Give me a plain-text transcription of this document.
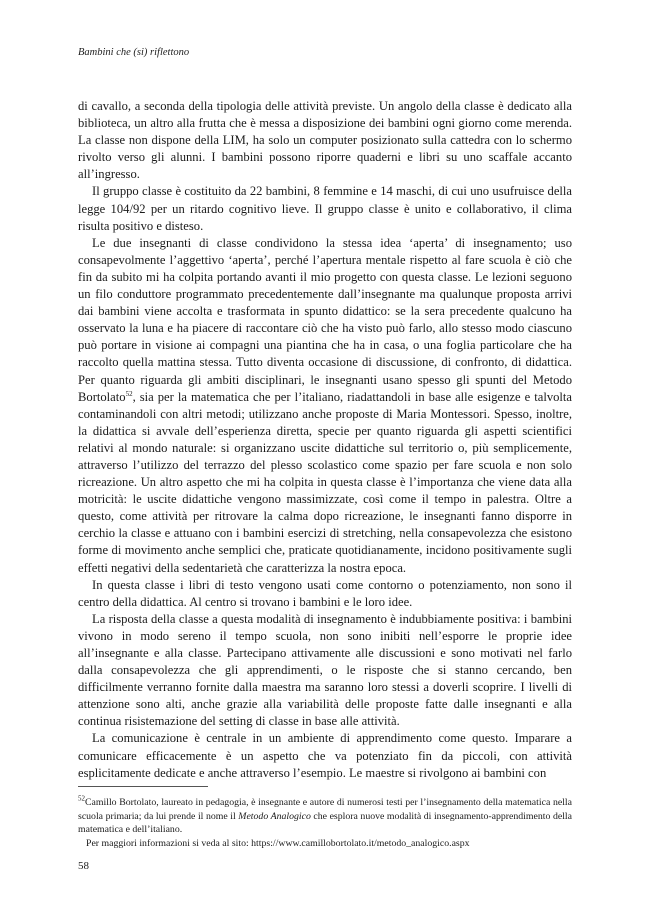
Bambini che (si) riflettono

di cavallo, a seconda della tipologia delle attività previste. Un angolo della classe è dedicato alla biblioteca, un altro alla frutta che è messa a disposizione dei bambini ogni giorno come merenda. La classe non dispone della LIM, ha solo un computer posizionato sulla cattedra con lo schermo rivolto verso gli alunni. I bambini possono riporre quaderni e libri su uno scaffale accanto all’ingresso.

Il gruppo classe è costituito da 22 bambini, 8 femmine e 14 maschi, di cui uno usufruisce della legge 104/92 per un ritardo cognitivo lieve. Il gruppo classe è unito e collaborativo, il clima risulta positivo e disteso.

Le due insegnanti di classe condividono la stessa idea ‘aperta’ di insegnamento; uso consapevolmente l’aggettivo ‘aperta’, perché l’apertura mentale rispetto al fare scuola è ciò che fin da subito mi ha colpita portando avanti il mio progetto con questa classe. Le lezioni seguono un filo conduttore programmato precedentemente dall’insegnante ma qualunque proposta arrivi dai bambini viene accolta e trasformata in spunto didattico: se la sera precedente qualcuno ha osservato la luna e ha piacere di raccontare ciò che ha visto può farlo, allo stesso modo ciascuno può portare in visione ai compagni una piantina che ha in casa, o una foglia particolare che ha raccolto quella mattina stessa. Tutto diventa occasione di discussione, di confronto, di didattica. Per quanto riguarda gli ambiti disciplinari, le insegnanti usano spesso gli spunti del Metodo Bortolato$^{52}$, sia per la matematica che per l’italiano, riadattandoli in base alle esigenze e talvolta contaminandoli con altri metodi; utilizzano anche proposte di Maria Montessori. Spesso, inoltre, la didattica si avvale dell’esperienza diretta, specie per quanto riguarda gli aspetti scientifici relativi al mondo naturale: si organizzano uscite didattiche sul territorio o, più semplicemente, attraverso l’utilizzo del terrazzo del plesso scolastico come spazio per fare scuola e non solo ricreazione. Un altro aspetto che mi ha colpita in questa classe è l’importanza che viene data alla motricità: le uscite didattiche vengono massimizzate, così come il tempo in palestra. Oltre a questo, come attività per ritrovare la calma dopo ricreazione, le insegnanti fanno disporre in cerchio la classe e attuano con i bambini esercizi di stretching, nella consapevolezza che esistono forme di movimento anche semplici che, praticate quotidianamente, incidono positivamente sugli effetti negativi della sedentarietà che caratterizza la nostra epoca.

In questa classe i libri di testo vengono usati come contorno o potenziamento, non sono il centro della didattica. Al centro si trovano i bambini e le loro idee.

La risposta della classe a questa modalità di insegnamento è indubbiamente positiva: i bambini vivono in modo sereno il tempo scuola, non sono inibiti nell’esporre le proprie idee all’insegnante e alla classe. Partecipano attivamente alle discussioni e sono motivati nel farlo dalla consapevolezza che gli apprendimenti, o le risposte che si stanno cercando, ben difficilmente verranno fornite dalla maestra ma saranno loro stessi a doverli scoprire. I livelli di attenzione sono alti, anche grazie alla variabilità delle proposte fatte dalle insegnanti e alla continua risistemazione del setting di classe in base alle attività.

La comunicazione è centrale in un ambiente di apprendimento come questo. Imparare a comunicare efficacemente è un aspetto che va potenziato fin da piccoli, con attività esplicitamente dedicate e anche attraverso l’esempio. Le maestre si rivolgono ai bambini con

$^{52}$Camillo Bortolato, laureato in pedagogia, è insegnante e autore di numerosi testi per l’insegnamento della matematica nella scuola primaria; da lui prende il nome il Metodo Analogico che esplora nuove modalità di insegnamento-apprendimento della matematica e dell’italiano.

Per maggiori informazioni si veda al sito: https://www.camillobortolato.it/metodo_analogico.aspx

58
